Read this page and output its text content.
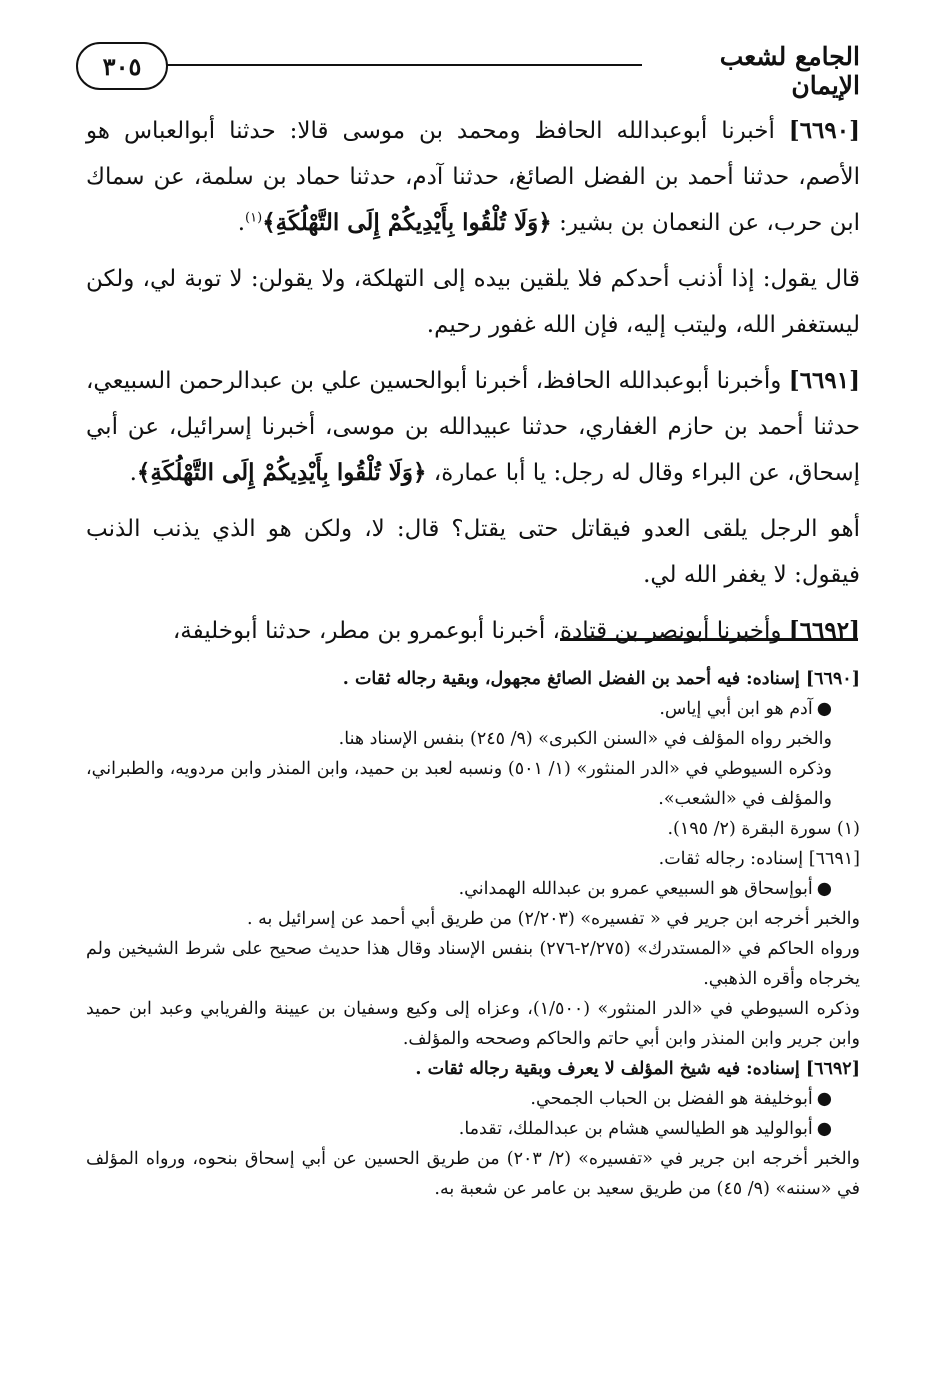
٣٠٥	الجامع لشعب الإيمان

[٦٦٩٠] أخبرنا أبوعبدالله الحافظ ومحمد بن موسى قالا: حدثنا أبوالعباس هو الأصم، حدثنا أحمد بن الفضل الصائغ، حدثنا آدم، حدثنا حماد بن سلمة، عن سماك ابن حرب، عن النعمان بن بشير: ﴿وَلَا تُلْقُوا بِأَيْدِيكُمْ إِلَى التَّهْلُكَةِ﴾$^{(١)}$.

قال يقول: إذا أذنب أحدكم فلا يلقين بيده إلى التهلكة، ولا يقولن: لا توبة لي، ولكن ليستغفر الله، وليتب إليه، فإن الله غفور رحيم.

[٦٦٩١] وأخبرنا أبوعبدالله الحافظ، أخبرنا أبوالحسين علي بن عبدالرحمن السبيعي، حدثنا أحمد بن حازم الغفاري، حدثنا عبيدالله بن موسى، أخبرنا إسرائيل، عن أبي إسحاق، عن البراء وقال له رجل: يا أبا عمارة، ﴿وَلَا تُلْقُوا بِأَيْدِيكُمْ إِلَى التَّهْلُكَةِ﴾.

أهو الرجل يلقى العدو فيقاتل حتى يقتل؟ قال: لا، ولكن هو الذي يذنب الذنب فيقول: لا يغفر الله لي.

[٦٦٩٢] وأخبرنا أبونصر بن قتادة، أخبرنا أبوعمرو بن مطر، حدثنا أبوخليفة،

[٦٦٩٠] إسناده: فيه أحمد بن الفضل الصائغ مجهول، وبقية رجاله ثقات .

●آدم هو ابن أبي إياس.

والخبر رواه المؤلف في «السنن الكبرى» (٩/ ٢٤٥) بنفس الإسناد هنا.

وذكره السيوطي في «الدر المنثور» (١/ ٥٠١) ونسبه لعبد بن حميد، وابن المنذر وابن مردويه، والطبراني، والمؤلف في «الشعب».

(١) سورة البقرة (٢/ ١٩٥).

[٦٦٩١] إسناده: رجاله ثقات.

●أبوإسحاق هو السبيعي عمرو بن عبدالله الهمداني.

والخبر أخرجه ابن جرير في « تفسيره» (٢/٢٠٣) من طريق أبي أحمد عن إسرائيل به .

ورواه الحاكم في «المستدرك» (٢/٢٧٥-٢٧٦) بنفس الإسناد وقال هذا حديث صحيح على شرط الشيخين ولم يخرجاه وأقره الذهبي.

وذكره السيوطي في «الدر المنثور» (١/٥٠٠)، وعزاه إلى وكيع وسفيان بن عيينة والفريابي وعبد ابن حميد وابن جرير وابن المنذر وابن أبي حاتم والحاكم وصححه والمؤلف.

[٦٦٩٢] إسناده: فيه شيخ المؤلف لا يعرف وبقية رجاله ثقات .

●أبوخليفة هو الفضل بن الحباب الجمحي.

●أبوالوليد هو الطيالسي هشام بن عبدالملك، تقدما.

والخبر أخرجه ابن جرير في «تفسيره» (٢/ ٢٠٣) من طريق الحسين عن أبي إسحاق بنحوه، ورواه المؤلف في «سننه» (٩/ ٤٥) من طريق سعيد بن عامر عن شعبة به.
